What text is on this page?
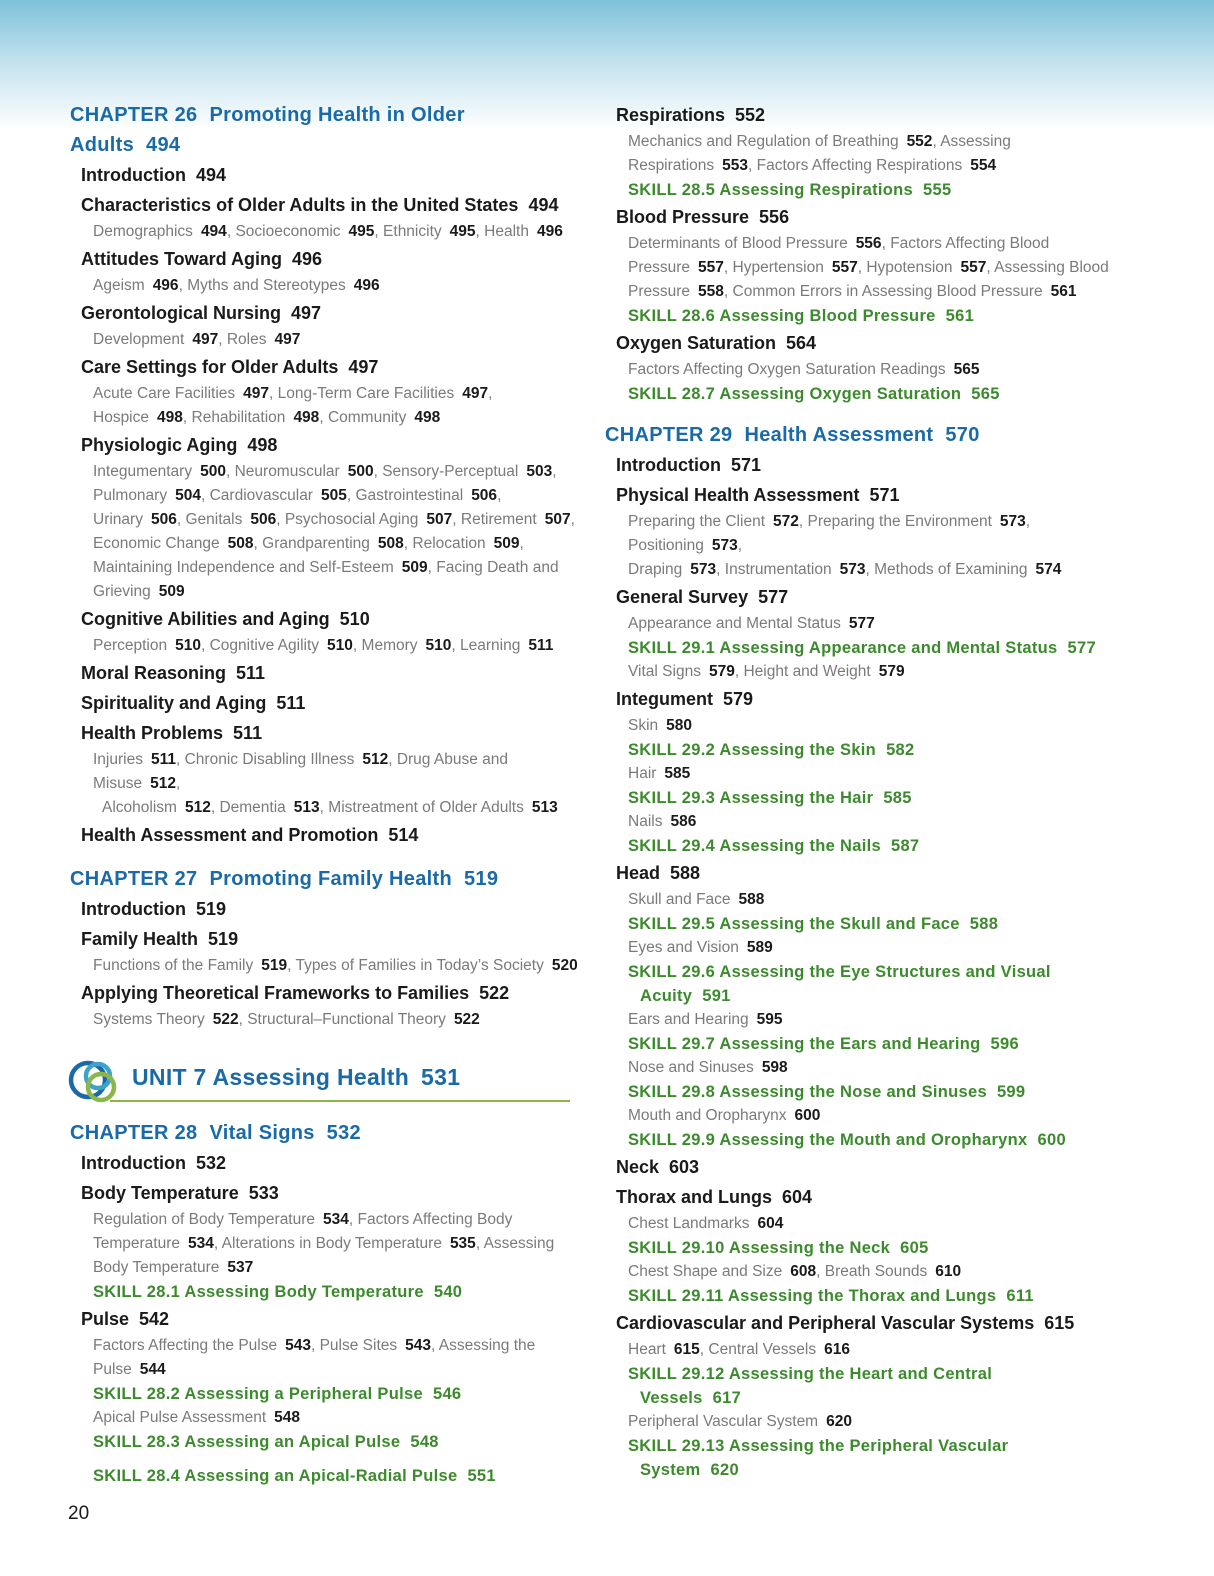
CHAPTER 26 Promoting Health in Older Adults 494
Introduction 494
Characteristics of Older Adults in the United States 494
Demographics 494, Socioeconomic 495, Ethnicity 495, Health 496
Attitudes Toward Aging 496
Ageism 496, Myths and Stereotypes 496
Gerontological Nursing 497
Development 497, Roles 497
Care Settings for Older Adults 497
Acute Care Facilities 497, Long-Term Care Facilities 497,
Hospice 498, Rehabilitation 498, Community 498
Physiologic Aging 498
Integumentary 500, Neuromuscular 500, Sensory-Perceptual 503,
Pulmonary 504, Cardiovascular 505, Gastrointestinal 506,
Urinary 506, Genitals 506, Psychosocial Aging 507, Retirement 507,
Economic Change 508, Grandparenting 508, Relocation 509,
Maintaining Independence and Self-Esteem 509, Facing Death and
Grieving 509
Cognitive Abilities and Aging 510
Perception 510, Cognitive Agility 510, Memory 510, Learning 511
Moral Reasoning 511
Spirituality and Aging 511
Health Problems 511
Injuries 511, Chronic Disabling Illness 512, Drug Abuse and Misuse 512,
Alcoholism 512, Dementia 513, Mistreatment of Older Adults 513
Health Assessment and Promotion 514
CHAPTER 27 Promoting Family Health 519
Introduction 519
Family Health 519
Functions of the Family 519, Types of Families in Today’s Society 520
Applying Theoretical Frameworks to Families 522
Systems Theory 522, Structural–Functional Theory 522
UNIT 7 Assessing Health 531
CHAPTER 28 Vital Signs 532
Introduction 532
Body Temperature 533
Regulation of Body Temperature 534, Factors Affecting Body
Temperature 534, Alterations in Body Temperature 535, Assessing
Body Temperature 537
SKILL 28.1 Assessing Body Temperature 540
Pulse 542
Factors Affecting the Pulse 543, Pulse Sites 543, Assessing the
Pulse 544
SKILL 28.2 Assessing a Peripheral Pulse 546
Apical Pulse Assessment 548
SKILL 28.3 Assessing an Apical Pulse 548
SKILL 28.4 Assessing an Apical-Radial Pulse 551
Respirations 552
Mechanics and Regulation of Breathing 552, Assessing
Respirations 553, Factors Affecting Respirations 554
SKILL 28.5 Assessing Respirations 555
Blood Pressure 556
Determinants of Blood Pressure 556, Factors Affecting Blood
Pressure 557, Hypertension 557, Hypotension 557, Assessing Blood
Pressure 558, Common Errors in Assessing Blood Pressure 561
SKILL 28.6 Assessing Blood Pressure 561
Oxygen Saturation 564
Factors Affecting Oxygen Saturation Readings 565
SKILL 28.7 Assessing Oxygen Saturation 565
CHAPTER 29 Health Assessment 570
Introduction 571
Physical Health Assessment 571
Preparing the Client 572, Preparing the Environment 573, Positioning 573,
Draping 573, Instrumentation 573, Methods of Examining 574
General Survey 577
Appearance and Mental Status 577
SKILL 29.1 Assessing Appearance and Mental Status 577
Vital Signs 579, Height and Weight 579
Integument 579
Skin 580
SKILL 29.2 Assessing the Skin 582
Hair 585
SKILL 29.3 Assessing the Hair 585
Nails 586
SKILL 29.4 Assessing the Nails 587
Head 588
Skull and Face 588
SKILL 29.5 Assessing the Skull and Face 588
Eyes and Vision 589
SKILL 29.6 Assessing the Eye Structures and Visual
Acuity 591
Ears and Hearing 595
SKILL 29.7 Assessing the Ears and Hearing 596
Nose and Sinuses 598
SKILL 29.8 Assessing the Nose and Sinuses 599
Mouth and Oropharynx 600
SKILL 29.9 Assessing the Mouth and Oropharynx 600
Neck 603
Thorax and Lungs 604
Chest Landmarks 604
SKILL 29.10 Assessing the Neck 605
Chest Shape and Size 608, Breath Sounds 610
SKILL 29.11 Assessing the Thorax and Lungs 611
Cardiovascular and Peripheral Vascular Systems 615
Heart 615, Central Vessels 616
SKILL 29.12 Assessing the Heart and Central
Vessels 617
Peripheral Vascular System 620
SKILL 29.13 Assessing the Peripheral Vascular
System 620
20
